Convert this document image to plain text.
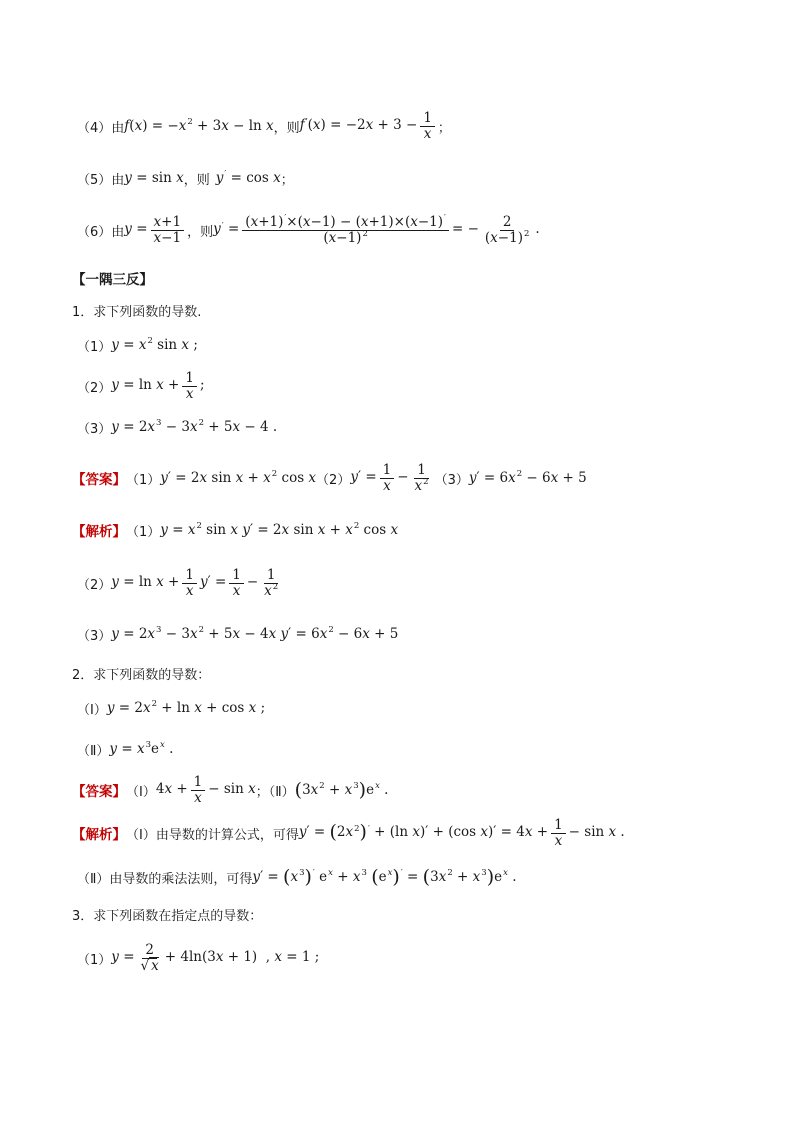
（4） 由 $f(x) = -x^2 + 3x - \ln x$ ，则 $f'(x) = -2x + 3 - \frac{1}{x}$ ；
（5） 由 y = sin x ，则 y′ = cos x ；
（6） 由 $y = \frac{x+1}{x-1}$ ，则 $y' = \frac{(x+1)'\times(x-1) - (x+1)\times(x-1)'}{(x-1)^2}$ = − $\frac{2}{(x-1)^2}$ .
【一隅三反】
1．求下列函数的导数.
（1） $y = x^2$ sin x ;
（2） $y = \ln x + \frac{1}{x}$ ;
（3） $y = 2x^3 - 3x^2 + 5x - 4$ .
【答案】 （1） y′ = 2x $\sin x + x^2$ cos x （2） $y' = \frac{1}{x} - \frac{1}{x^2} (3) y' = 6x^2 - 6x + 5$
【解析】 （1） $y = x^2$ sin x y′ = 2x $\sin x + x^2$ cos x
（2） $y = \ln x + \frac{1}{x} y' = \frac{1}{x} - \frac{1}{x^2}$
（3） $y = 2x^3 - 3x^2 + 5x - 4x$ $y' = 6x^2 - 6x + 5$
2．求下列函数的导数：
（Ⅰ） $y = 2x^2 + \ln x + \cos x$ ;
（Ⅱ） $y = x^3e^x$ .
【答案】 （Ⅰ） $4x + \frac{1}{x} - \sin x$ ；（Ⅱ） $(3x^2 + x^3)e^x$ .
【解析】 （Ⅰ） 由导数的计算公式，可得 $y' = (2x^2)' + (\ln$ x)′ + (cos $x)' = 4x + \frac{1}{x} - \sin x$ .
（Ⅱ） 由导数的乘法法则，可得 $y' = (x^3)'$ $e^x + x^3$ $(e^x)' = (3x^2 + x^3)e^x$ .
3．求下列函数在指定点的导数：
（1） $y = \frac{2}{√ x} + 4\ln(3x + 1)$  , x = 1 ;
